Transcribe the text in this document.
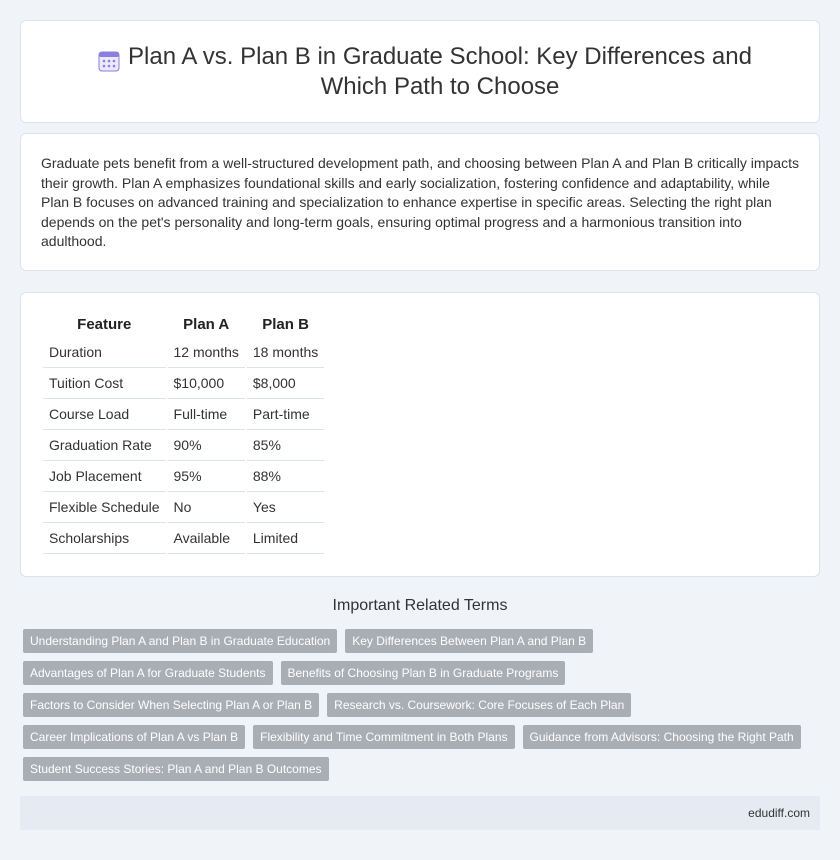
Plan A vs. Plan B in Graduate School: Key Differences and Which Path to Choose

Graduate pets benefit from a well-structured development path, and choosing between Plan A and Plan B critically impacts their growth. Plan A emphasizes foundational skills and early socialization, fostering confidence and adaptability, while Plan B focuses on advanced training and specialization to enhance expertise in specific areas. Selecting the right plan depends on the pet's personality and long-term goals, ensuring optimal progress and a harmonious transition into adulthood.

Feature	Plan A	Plan B
Duration	12 months	18 months
Tuition Cost	$10,000	$8,000
Course Load	Full-time	Part-time
Graduation Rate	90%	85%
Job Placement	95%	88%
Flexible Schedule	No	Yes
Scholarships	Available	Limited
Important Related Terms
Understanding Plan A and Plan B in Graduate Education	Key Differences Between Plan A and Plan B
Advantages of Plan A for Graduate Students	Benefits of Choosing Plan B in Graduate Programs
Factors to Consider When Selecting Plan A or Plan B	Research vs. Coursework: Core Focuses of Each Plan
Career Implications of Plan A vs Plan B	Flexibility and Time Commitment in Both Plans	Guidance from Advisors: Choosing the Right Path
Student Success Stories: Plan A and Plan B Outcomes
edudiff.com
